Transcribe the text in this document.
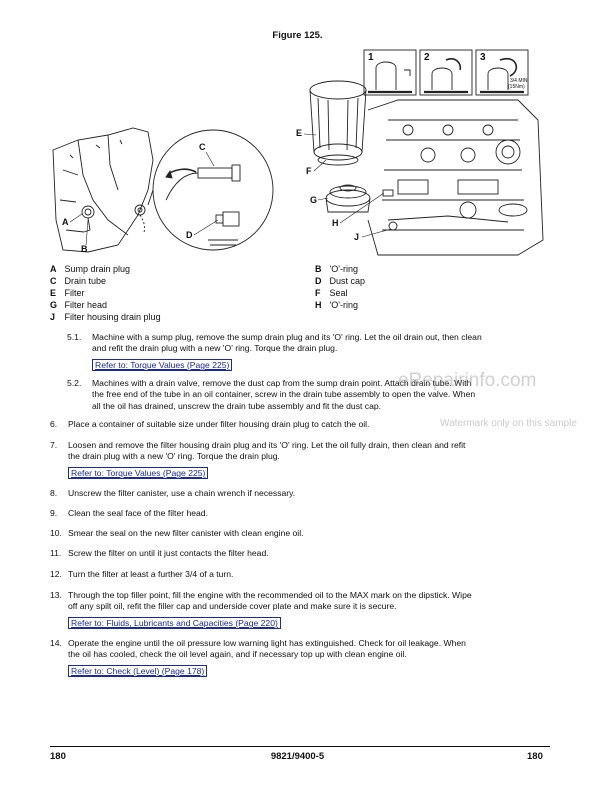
Figure 125.
A
B
C
D
1	2	3
3/4 MIN
(15Nm)
E
F
G
H
J
A Sump drain plug
C Drain tube
E Filter
G Filter head
J Filter housing drain plug
B 'O'-ring
D Dust cap
F Seal
H 'O'-ring
5.1. Machine with a sump plug, remove the sump drain plug and its 'O' ring. Let the oil drain out, then clean
and refit the drain plug with a new 'O' ring. Torque the drain plug.
Refer to: Torque Values (Page 225)
5.2. Machines with a drain valve, remove the dust cap from the sump drain point. Attach drain tube. With
the free end of the tube in an oil container, screw in the drain tube assembly to open the valve. When
all the oil has drained, unscrew the drain tube assembly and fit the dust cap.
6. Place a container of suitable size under filter housing drain plug to catch the oil.
7. Loosen and remove the filter housing drain plug and its 'O' ring. Let the oil fully drain, then clean and refit
the drain plug with a new 'O' ring. Torque the drain plug.
Refer to: Torque Values (Page 225)
8. Unscrew the filter canister, use a chain wrench if necessary.
9. Clean the seal face of the filter head.
10. Smear the seal on the new filter canister with clean engine oil.
11. Screw the filter on until it just contacts the filter head.
12. Turn the filter at least a further 3/4 of a turn.
13. Through the top filler point, fill the engine with the recommended oil to the MAX mark on the dipstick. Wipe
off any spilt oil, refit the filler cap and underside cover plate and make sure it is secure.
Refer to: Fluids, Lubricants and Capacities (Page 220)
14. Operate the engine until the oil pressure low warning light has extinguished. Check for oil leakage. When
the oil has cooled, check the oil level again, and if necessary top up with clean engine oil.
Refer to: Check (Level) (Page 178)
eRepairinfo.com
Watermark only on this sample
180	9821/9400-5	180
